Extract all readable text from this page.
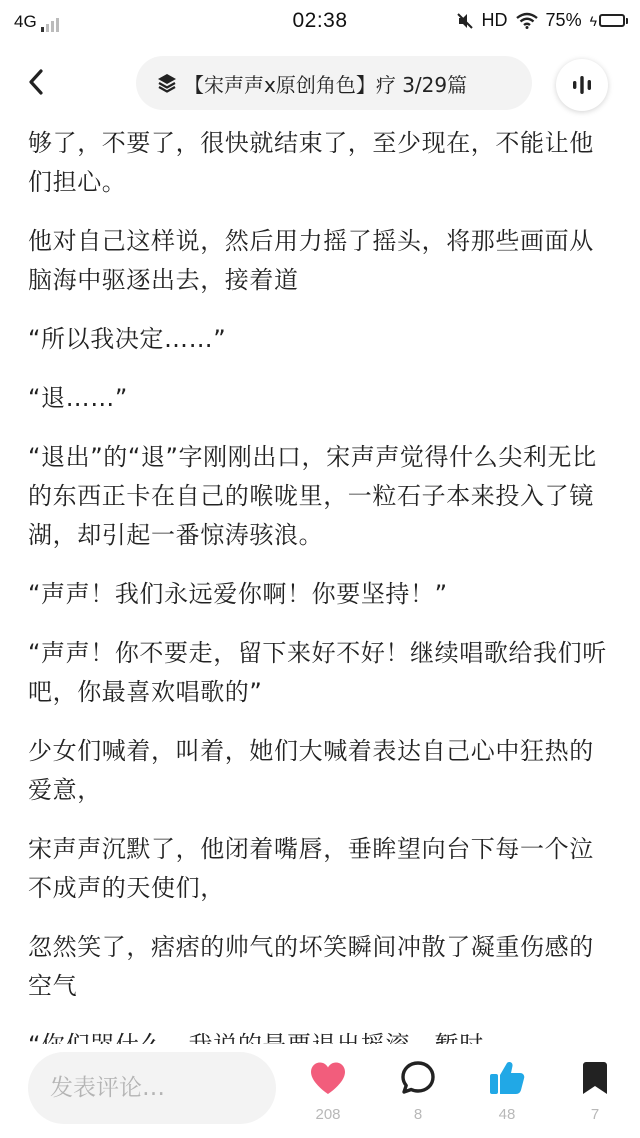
4G	02:38	HD 75% ϟ
【宋声声x原创角色】疗 3/29篇

够了，不要了，很快就结束了，至少现在，不能让他们担心。

他对自己这样说，然后用力摇了摇头，将那些画面从脑海中驱逐出去，接着道

“所以我决定……”

“退……”

“退出”的“退”字刚刚出口，宋声声觉得什么尖利无比的东西正卡在自己的喉咙里，一粒石子本来投入了镜湖，却引起一番惊涛骇浪。

“声声！我们永远爱你啊！你要坚持！”

“声声！你不要走，留下来好不好！继续唱歌给我们听吧，你最喜欢唱歌的”

少女们喊着，叫着，她们大喊着表达自己心中狂热的爱意，

宋声声沉默了，他闭着嘴唇，垂眸望向台下每一个泣不成声的天使们，

忽然笑了，痞痞的帅气的坏笑瞬间冲散了凝重伤感的空气

发表评论…
208	8	48	7
